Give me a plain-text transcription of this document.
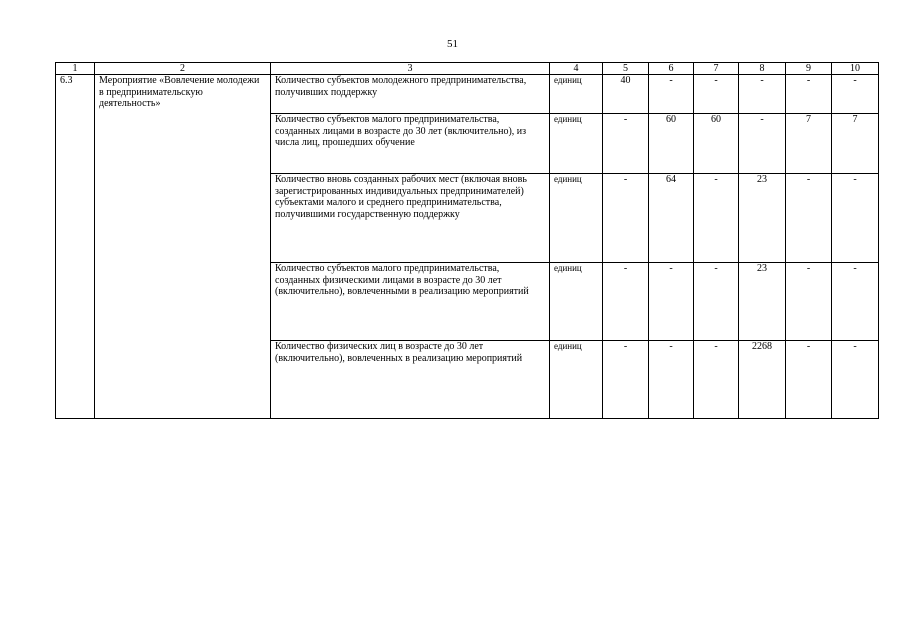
51
1	2	3	4	5	6	7	8	9	10
6.3	Мероприятие «Вовлечение молодежи в предпринимательскую деятельность»	Количество субъектов молодежного предпринимательства, получивших поддержку	единиц	40	-	-	-	-	-
		Количество субъектов малого предпринимательства, созданных лицами в возрасте до 30 лет (включительно), из числа лиц, прошедших обучение	единиц	-	60	60	-	7	7
		Количество вновь созданных рабочих мест (включая вновь зарегистрированных индивидуальных предпринимателей) субъектами малого и среднего предпринимательства, получившими государственную поддержку	единиц	-	64	-	23	-	-
		Количество субъектов малого предпринимательства, созданных физическими лицами в возрасте до 30 лет (включительно), вовлеченными в реализацию мероприятий	единиц	-	-	-	23	-	-
		Количество физических лиц в возрасте до 30 лет (включительно), вовлеченных в реализацию мероприятий	единиц	-	-	-	2268	-	-
